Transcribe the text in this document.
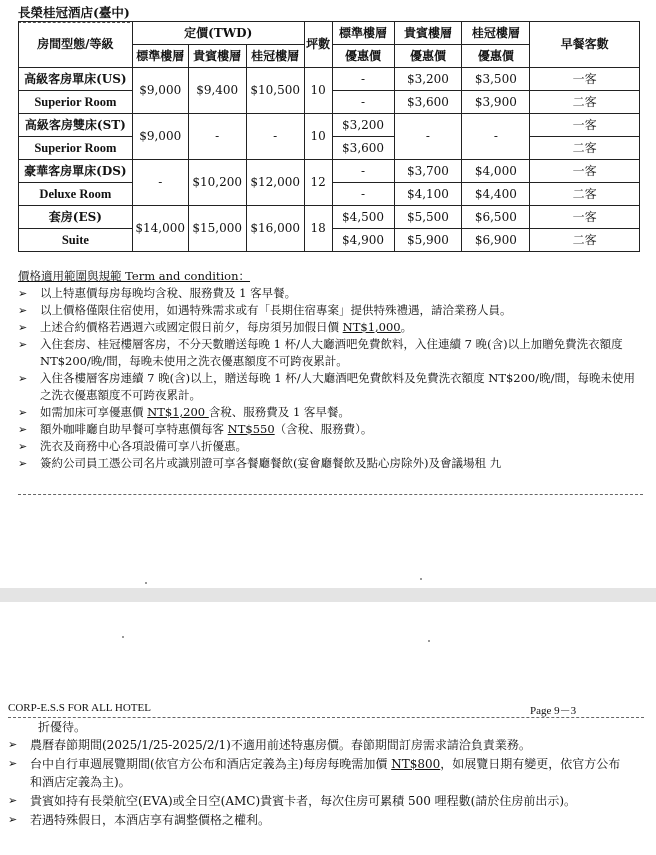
長榮桂冠酒店(臺中)
房間型態/等級	定價(TWD)			坪數	標準樓層	貴賓樓層	桂冠樓層	早餐客數
	標準樓層	貴賓樓層	桂冠樓層		優惠價	優惠價	優惠價	
高級客房單床(US)	$9,000	$9,400	$10,500	10	-	$3,200	$3,500	一客
Superior Room					-	$3,600	$3,900	二客
高級客房雙床(ST)	$9,000	-	-	10	$3,200	-	-	一客
Superior Room					$3,600			二客
豪華客房單床(DS)	-	$10,200	$12,000	12	-	$3,700	$4,000	一客
Deluxe Room					-	$4,100	$4,400	二客
套房(ES)	$14,000	$15,000	$16,000	18	$4,500	$5,500	$6,500	一客
Suite					$4,900	$5,900	$6,900	二客
價格適用範圍與規範 Term and condition：
➢ 以上特惠價每房每晚均含稅、服務費及 1 客早餐。
➢ 以上價格僅限住宿使用，如遇特殊需求或有「長期住宿專案」提供特殊禮遇，請洽業務人員。
➢ 上述合約價格若遇週六或國定假日前夕，每房須另加假日價 NT$1,000。
➢ 入住套房、桂冠樓層客房，不分天數贈送每晚 1 杯/人大廳酒吧免費飲料，入住連續 7 晚(含)以上加贈免費洗衣額度 NT$200/晚/間，每晚未使用之洗衣優惠額度不可跨夜累計。
➢ 入住各樓層客房連續 7 晚(含)以上，贈送每晚 1 杯/人大廳酒吧免費飲料及免費洗衣額度 NT$200/晚/間，每晚未使用之洗衣優惠額度不可跨夜累計。
➢ 如需加床可享優惠價 NT$1,200 含稅、服務費及 1 客早餐。
➢ 額外咖啡廳自助早餐可享特惠價每客 NT$550（含稅、服務費）。
➢ 洗衣及商務中心各項設備可享八折優惠。
➢ 簽約公司員工憑公司名片或識別證可享各餐廳餐飲(宴會廳餐飲及點心房除外)及會議場租 九
CORP-E.S.S FOR ALL HOTEL	Page 9－3
折優待。
➢ 農曆春節期間(2025/1/25-2025/2/1)不適用前述特惠房價。春節期間訂房需求請洽負責業務。
➢ 台中自行車週展覽期間(依官方公布和酒店定義為主)每房每晚需加價 NT$800，如展覽日期有變更，依官方公布和酒店定義為主)。
➢ 貴賓如持有長榮航空(EVA)或全日空(AMC)貴賓卡者，每次住房可累積 500 哩程數(請於住房前出示)。
➢ 若遇特殊假日，本酒店享有調整價格之權利。
